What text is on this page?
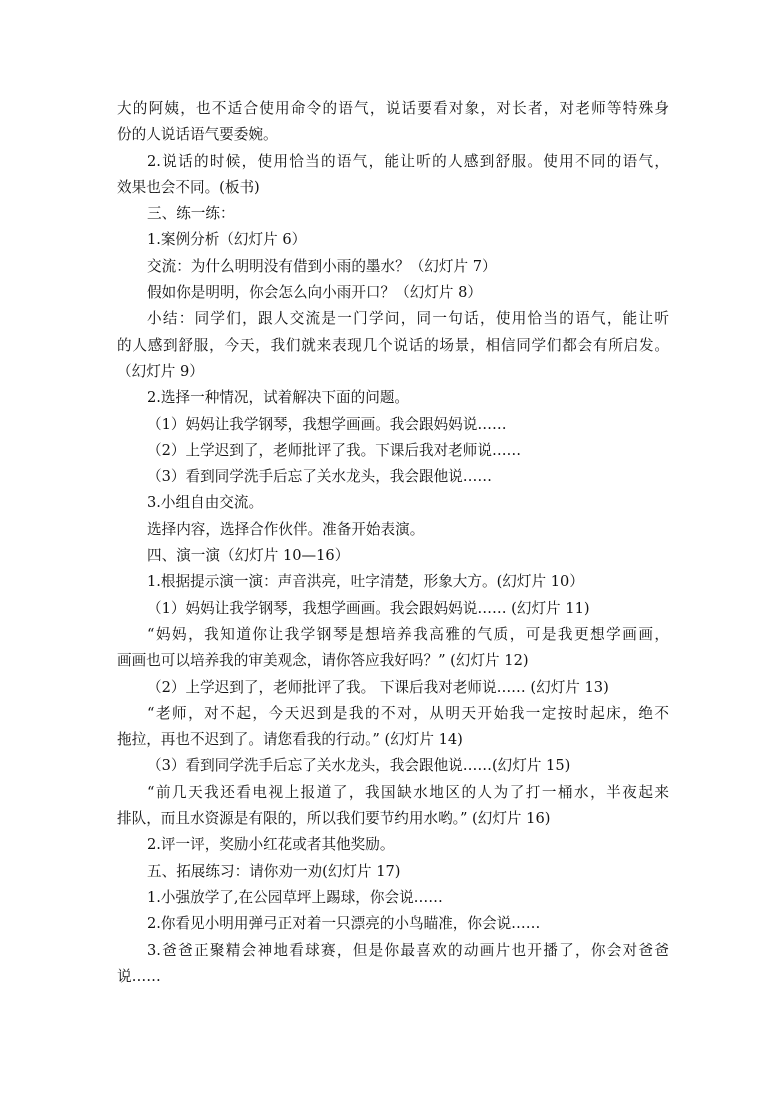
大的阿姨，也不适合使用命令的语气，说话要看对象，对长者，对老师等特殊身
份的人说话语气要委婉。
2.说话的时候，使用恰当的语气，能让听的人感到舒服。使用不同的语气，
效果也会不同。(板书)
三、练一练：
1.案例分析（幻灯片 6）
交流：为什么明明没有借到小雨的墨水？（幻灯片 7）
假如你是明明，你会怎么向小雨开口？（幻灯片 8）
小结：同学们，跟人交流是一门学问，同一句话，使用恰当的语气，能让听
的人感到舒服，今天，我们就来表现几个说话的场景，相信同学们都会有所启发。
（幻灯片 9）
2.选择一种情况，试着解决下面的问题。
（1）妈妈让我学钢琴，我想学画画。我会跟妈妈说……
（2）上学迟到了，老师批评了我。下课后我对老师说……
（3）看到同学洗手后忘了关水龙头，我会跟他说……
3.小组自由交流。
选择内容，选择合作伙伴。准备开始表演。
四、演一演（幻灯片 10—16）
1.根据提示演一演：声音洪亮，吐字清楚，形象大方。(幻灯片 10）
（1）妈妈让我学钢琴，我想学画画。我会跟妈妈说…… (幻灯片 11)
“妈妈，我知道你让我学钢琴是想培养我高雅的气质，可是我更想学画画，
画画也可以培养我的审美观念，请你答应我好吗？” (幻灯片 12)
（2）上学迟到了，老师批评了我。 下课后我对老师说…… (幻灯片 13)
“老师，对不起，今天迟到是我的不对，从明天开始我一定按时起床，绝不
拖拉，再也不迟到了。请您看我的行动。” (幻灯片 14)
（3）看到同学洗手后忘了关水龙头，我会跟他说……(幻灯片 15)
“前几天我还看电视上报道了，我国缺水地区的人为了打一桶水，半夜起来
排队，而且水资源是有限的，所以我们要节约用水哟。” (幻灯片 16)
2.评一评，奖励小红花或者其他奖励。
五、拓展练习：请你劝一劝(幻灯片 17)
1.小强放学了,在公园草坪上踢球，你会说……
2.你看见小明用弹弓正对着一只漂亮的小鸟瞄准，你会说……
3.爸爸正聚精会神地看球赛，但是你最喜欢的动画片也开播了，你会对爸爸
说……
